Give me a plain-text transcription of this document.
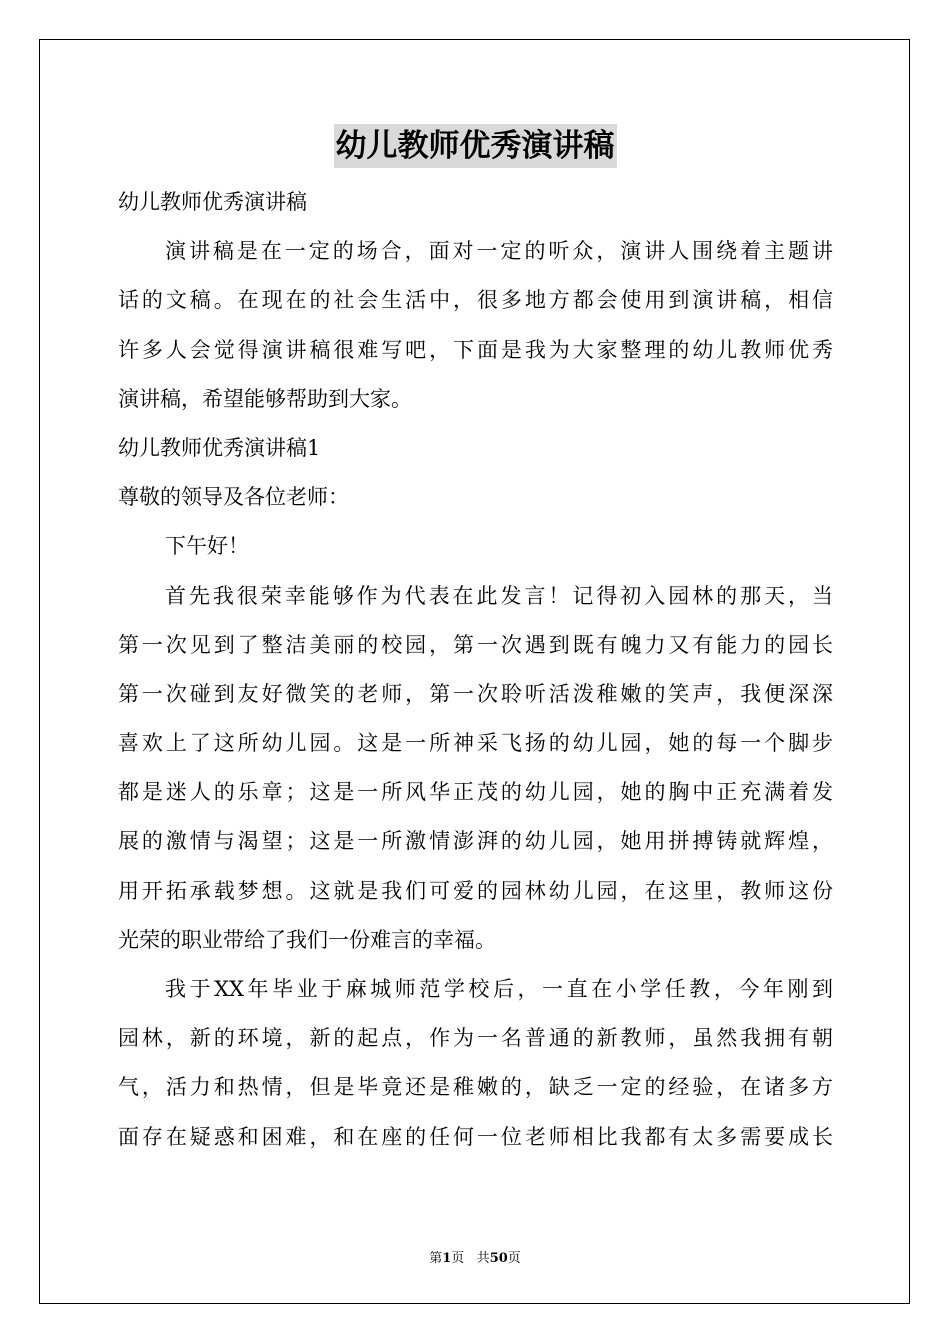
幼儿教师优秀演讲稿
幼儿教师优秀演讲稿
演讲稿是在一定的场合，面对一定的听众，演讲人围绕着主题讲
话的文稿。在现在的社会生活中，很多地方都会使用到演讲稿，相信
许多人会觉得演讲稿很难写吧，下面是我为大家整理的幼儿教师优秀
演讲稿，希望能够帮助到大家。
幼儿教师优秀演讲稿1
尊敬的领导及各位老师：
下午好！
首先我很荣幸能够作为代表在此发言！记得初入园林的那天，当
第一次见到了整洁美丽的校园，第一次遇到既有魄力又有能力的园长
第一次碰到友好微笑的老师，第一次聆听活泼稚嫩的笑声，我便深深
喜欢上了这所幼儿园。这是一所神采飞扬的幼儿园，她的每一个脚步
都是迷人的乐章；这是一所风华正茂的幼儿园，她的胸中正充满着发
展的激情与渴望；这是一所激情澎湃的幼儿园，她用拼搏铸就辉煌，
用开拓承载梦想。这就是我们可爱的园林幼儿园，在这里，教师这份
光荣的职业带给了我们一份难言的幸福。
我于XX年毕业于麻城师范学校后，一直在小学任教，今年刚到
园林，新的环境，新的起点，作为一名普通的新教师，虽然我拥有朝
气，活力和热情，但是毕竟还是稚嫩的，缺乏一定的经验，在诸多方
面存在疑惑和困难，和在座的任何一位老师相比我都有太多需要成长
第1页 共50页
